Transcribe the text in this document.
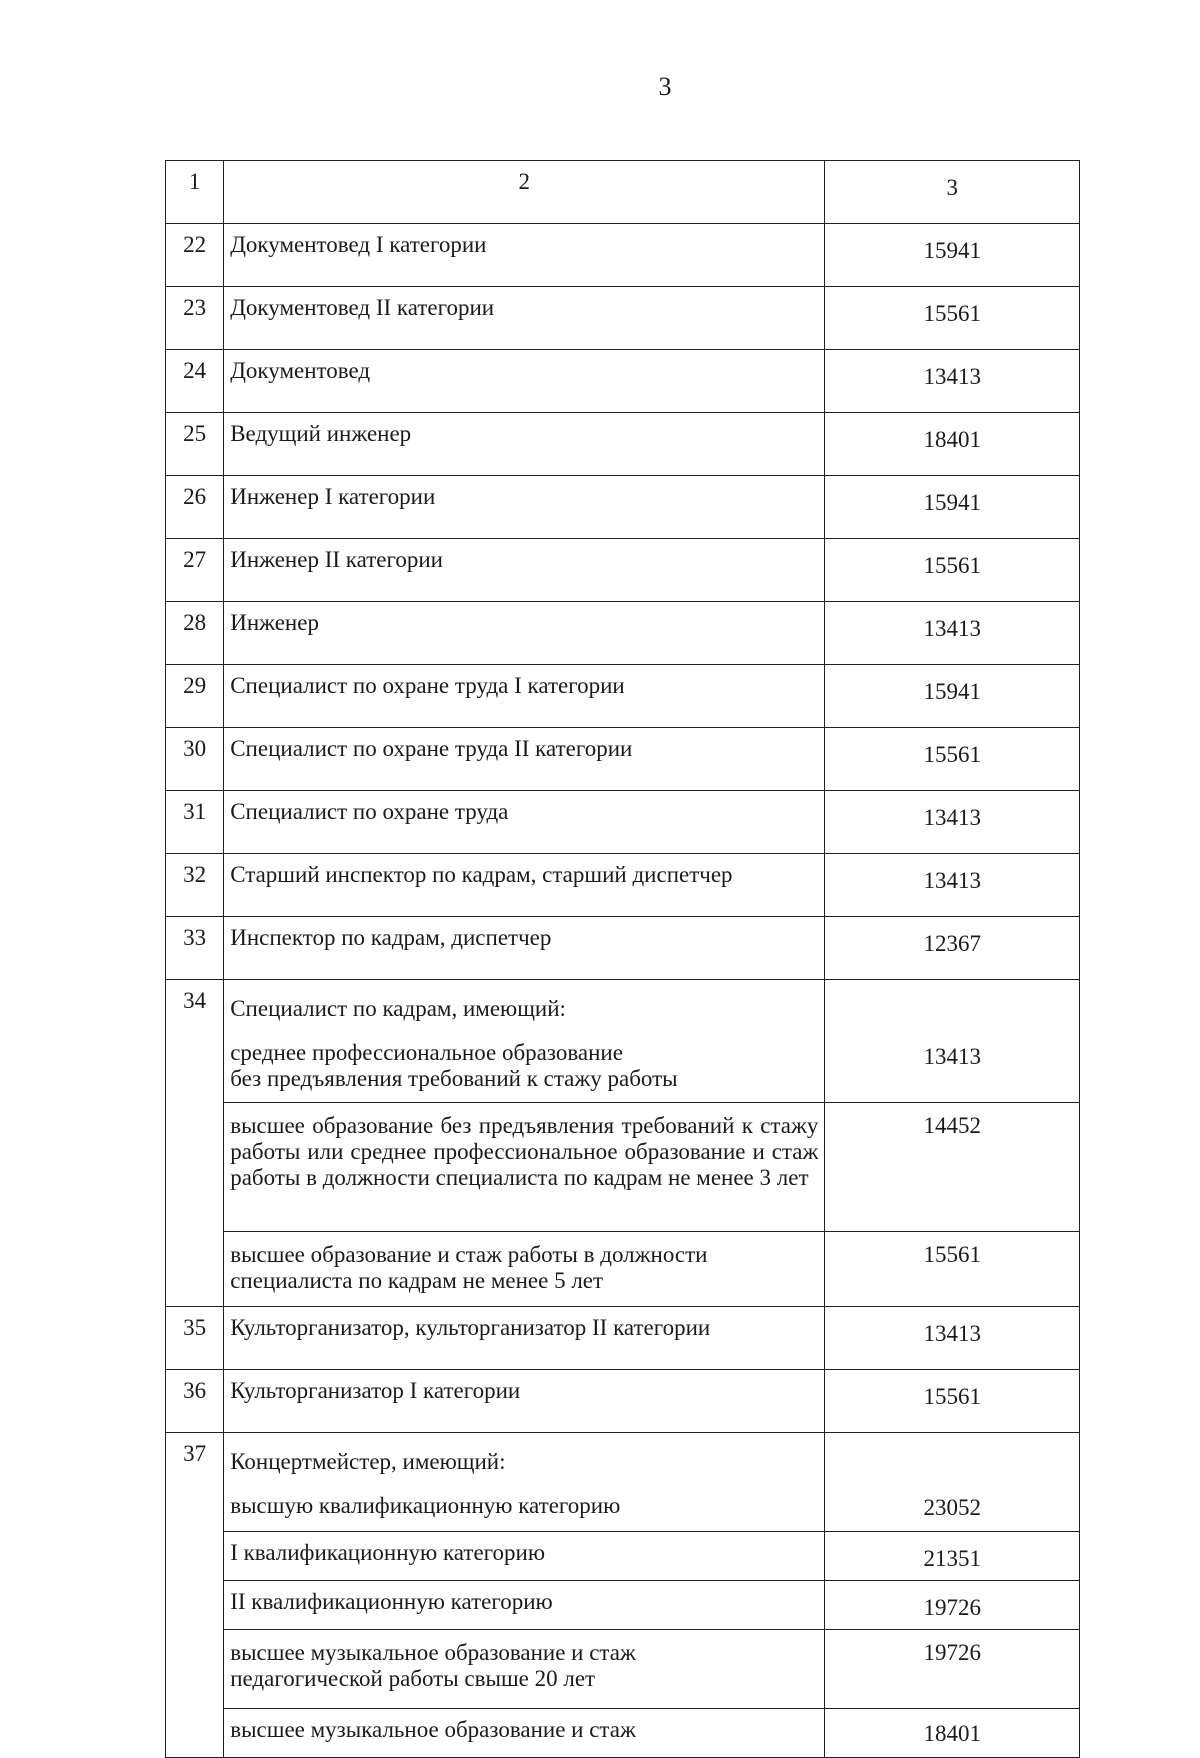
3
1	2	3
22	Документовед I категории	15941
23	Документовед II категории	15561
24	Документовед	13413
25	Ведущий инженер	18401
26	Инженер I категории	15941
27	Инженер II категории	15561
28	Инженер	13413
29	Специалист по охране труда I категории	15941
30	Специалист по охране труда II категории	15561
31	Специалист по охране труда	13413
32	Старший инспектор по кадрам, старший диспетчер	13413
33	Инспектор по кадрам, диспетчер	12367
34	Специалист по кадрам, имеющий:
среднее профессиональное образование
без предъявления требований к стажу работы	13413
	высшее образование без предъявления требований к стажу работы или среднее профессиональное образование и стаж работы в должности специалиста по кадрам не менее 3 лет	14452

	высшее образование и стаж работы в должности
специалиста по кадрам не менее 5 лет	15561
35	Культорганизатор, культорганизатор II категории	13413
36	Культорганизатор I категории	15561
37	Концертмейстер, имеющий:
высшую квалификационную категорию	23052
	I квалификационную категорию	21351
	II квалификационную категорию	19726

	высшее музыкальное образование и стаж
педагогической работы свыше 20 лет	19726
	высшее музыкальное образование и стаж	18401
